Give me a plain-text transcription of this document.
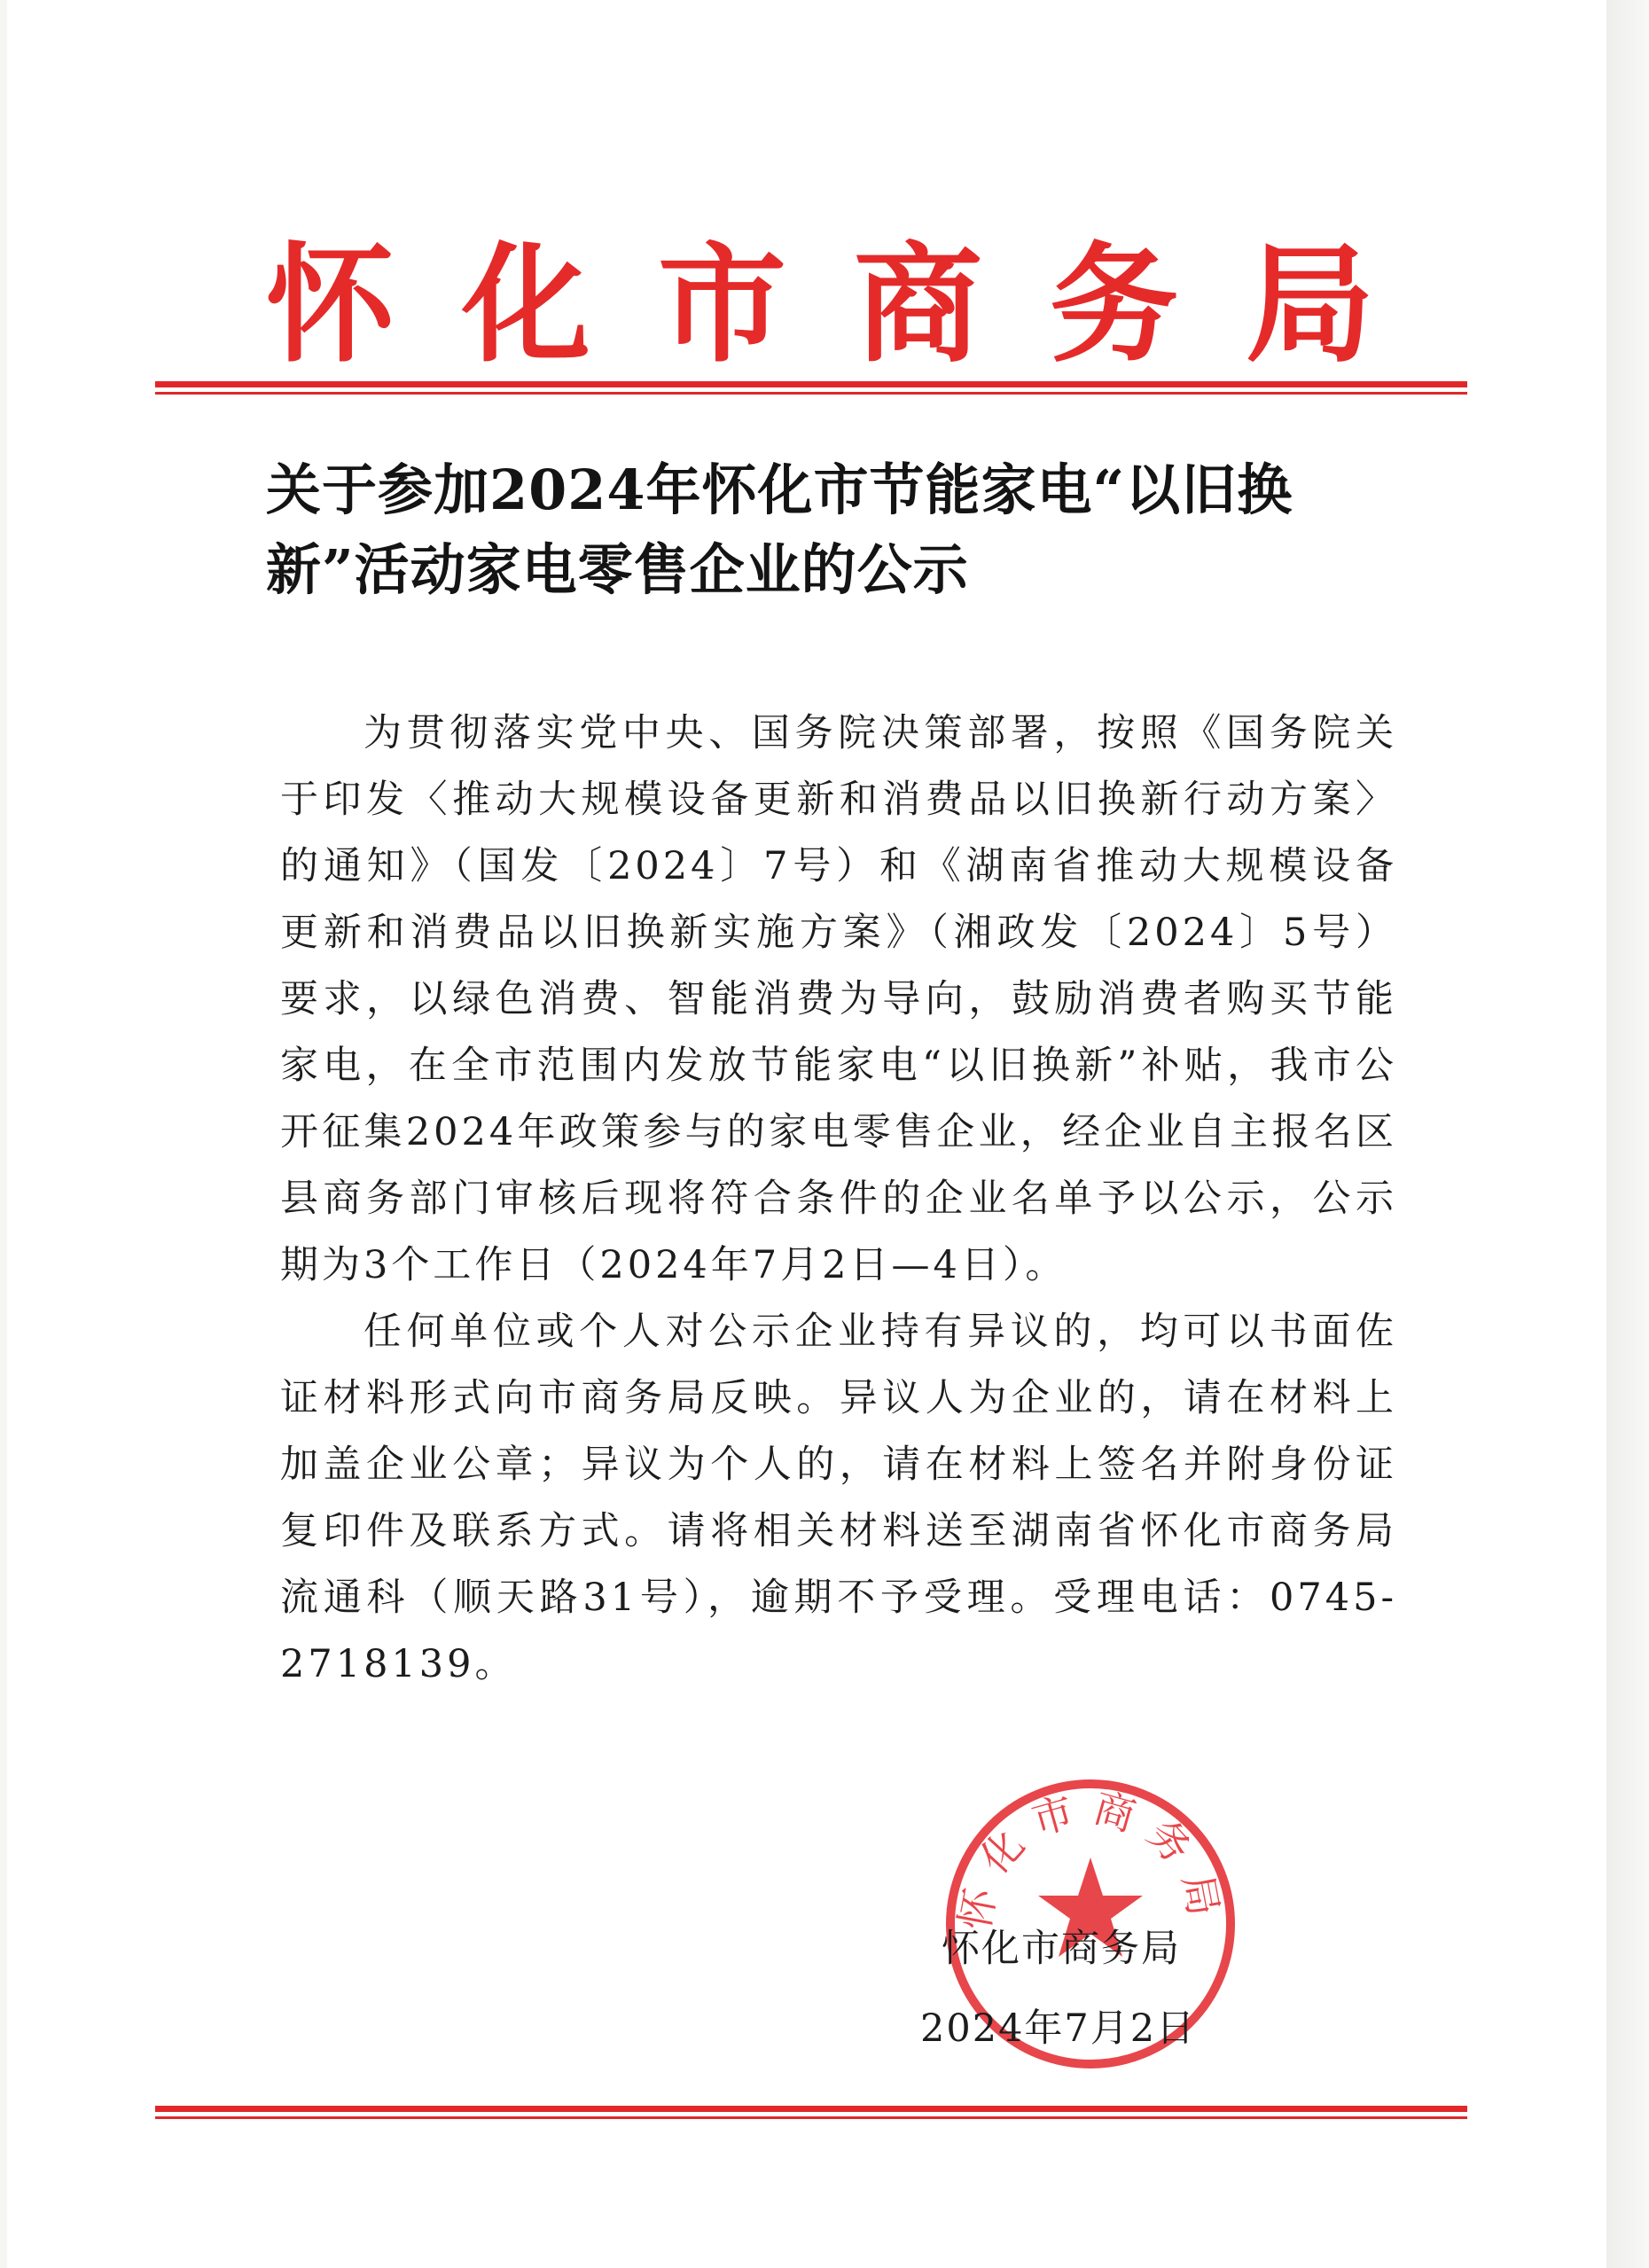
怀 化 市 商 务 局
关于参加2024年怀化市节能家电“以旧换新”活动家电零售企业的公示

为贯彻落实党中央、国务院决策部署，按照《国务院关于印发〈推动大规模设备更新和消费品以旧换新行动方案〉的通知》（国发〔2024〕7号）和《湖南省推动大规模设备更新和消费品以旧换新实施方案》（湘政发〔2024〕5号）要求，以绿色消费、智能消费为导向，鼓励消费者购买节能家电，在全市范围内发放节能家电“以旧换新”补贴，我市公开征集2024年政策参与的家电零售企业，经企业自主报名区县商务部门审核后现将符合条件的企业名单予以公示，公示期为3个工作日（2024年7月2日—4日）。

任何单位或个人对公示企业持有异议的，均可以书面佐证材料形式向市商务局反映。异议人为企业的，请在材料上加盖企业公章；异议为个人的，请在材料上签名并附身份证复印件及联系方式。请将相关材料送至湖南省怀化市商务局流通科（顺天路31号），逾期不予受理。受理电话：0745-2718139。

怀化市商务局
怀化市商务局
2024年7月2日
